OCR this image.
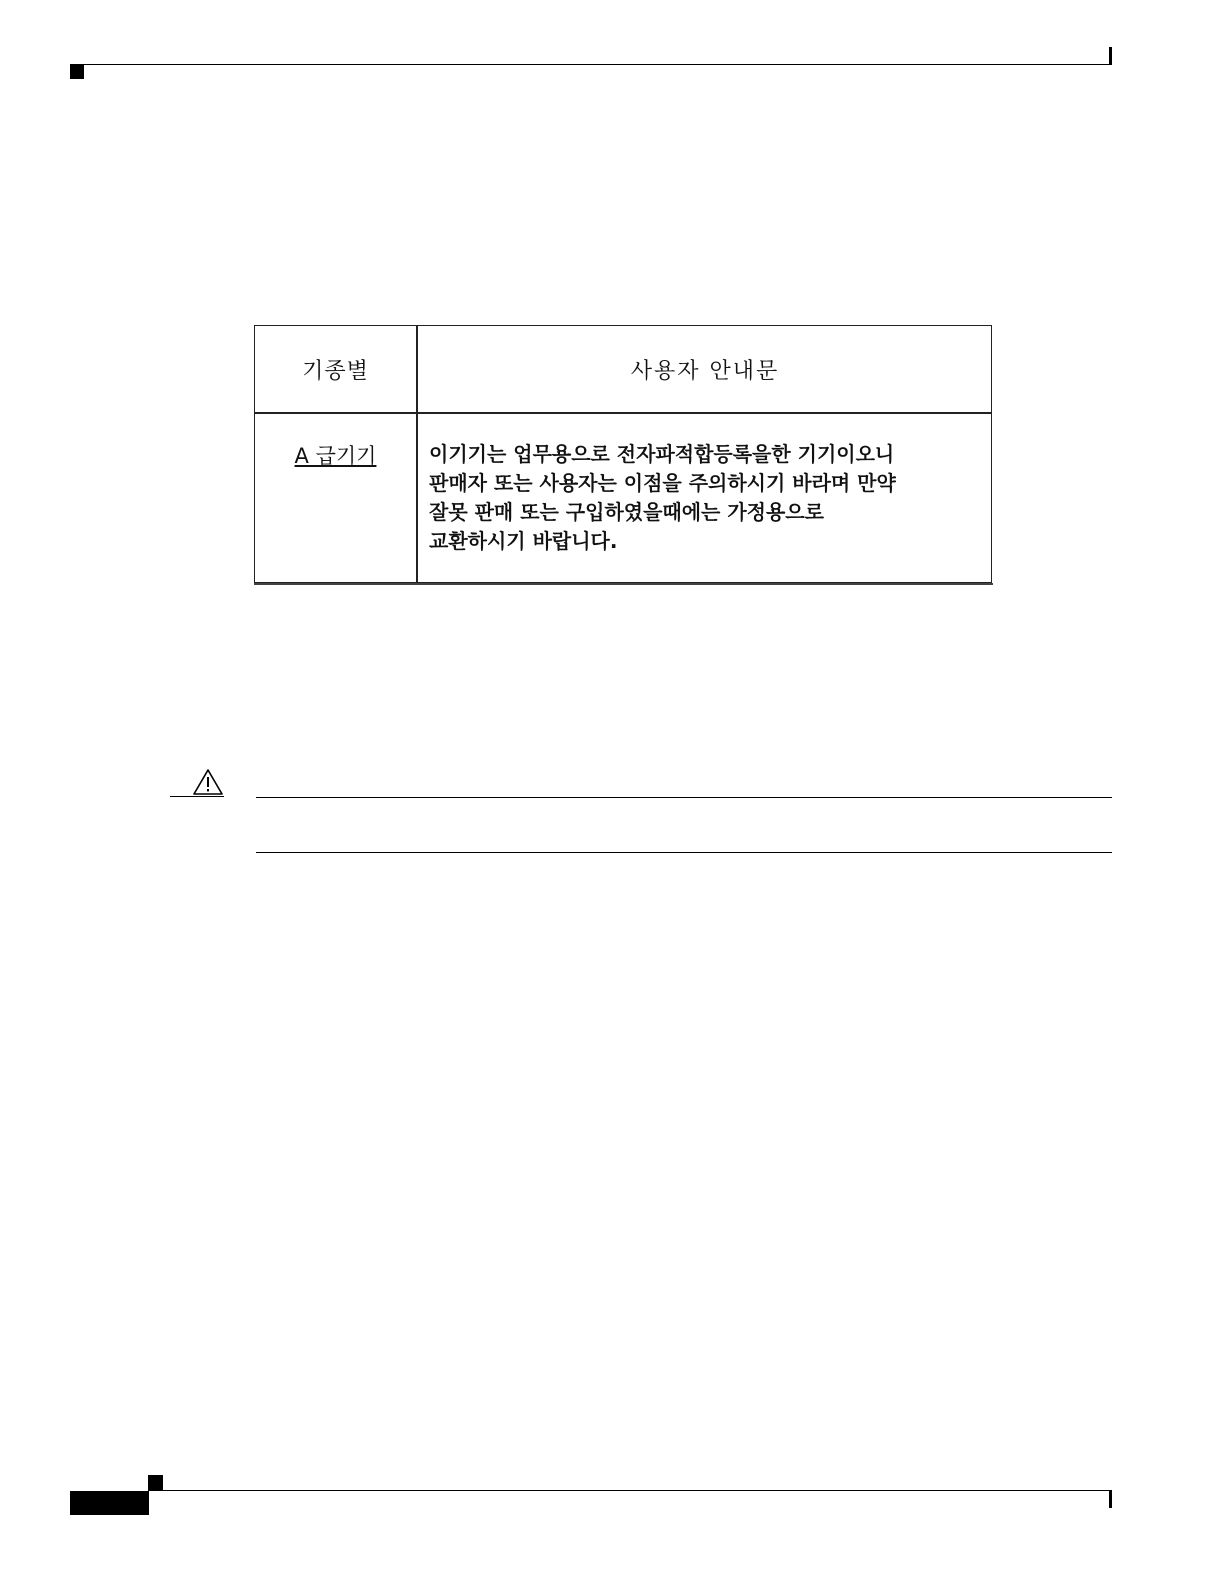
기종별	사용자 안내문
A 급기기	이기기는 업무용으로 전자파적합등록을한 기기이오니
판매자 또는 사용자는 이점을 주의하시기 바라며 만약
잘못 판매 또는 구입하였을때에는 가정용으로
교환하시기 바랍니다.
